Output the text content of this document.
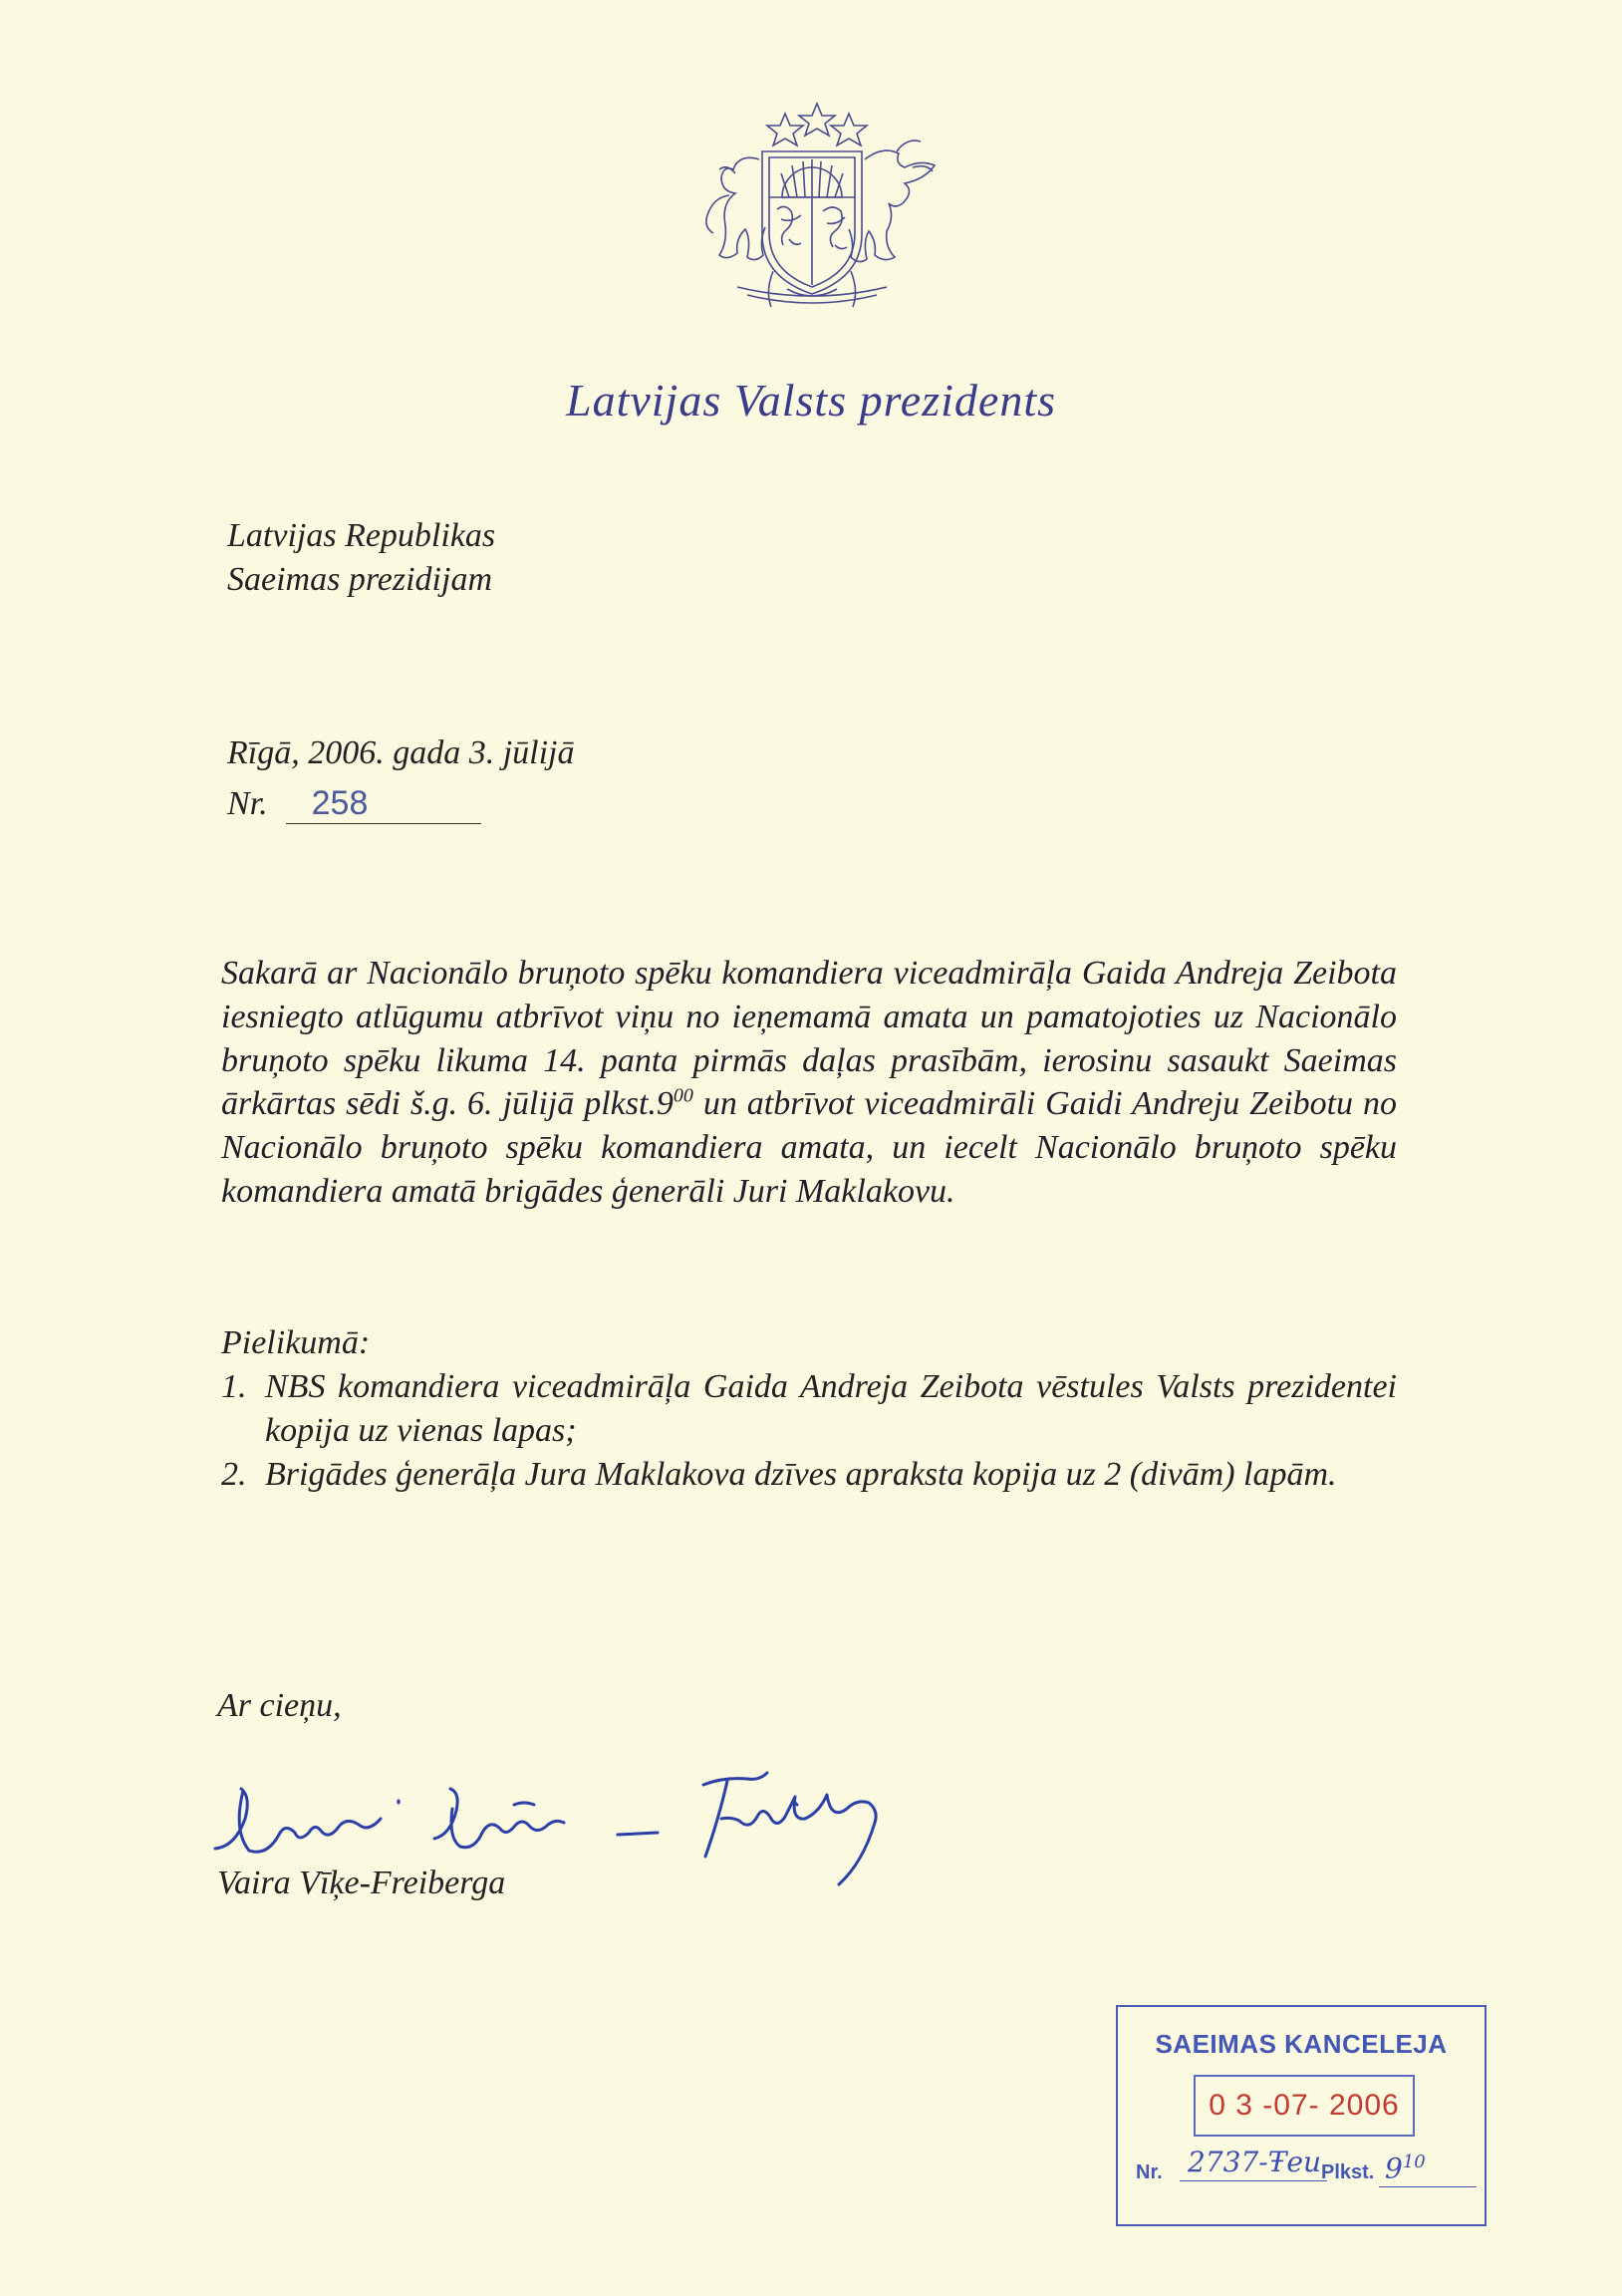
Latvijas Valsts prezidents
Latvijas Republikas
Saeimas prezidijam
Rīgā, 2006. gada 3. jūlijā
Nr. 258
Sakarā ar Nacionālo bruņoto spēku komandiera viceadmirāļa Gaida Andreja Zeibota iesniegto atlūgumu atbrīvot viņu no ieņemamā amata un pamatojoties uz Nacionālo bruņoto spēku likuma 14. panta pirmās daļas prasībām, ierosinu sasaukt Saeimas ārkārtas sēdi š.g. 6. jūlijā $plkst.9^{00}$ un atbrīvot viceadmirāli Gaidi Andreju Zeibotu no Nacionālo bruņoto spēku komandiera amata, un iecelt Nacionālo bruņoto spēku komandiera amatā brigādes ģenerāli Juri Maklakovu.
Pielikumā:
1. NBS komandiera viceadmirāļa Gaida Andreja Zeibota vēstules Valsts prezidentei kopija uz vienas lapas;
2. Brigādes ģenerāļa Jura Maklakova dzīves apraksta kopija uz 2 (divām) lapām.
Ar cieņu,
Vaira Vīķe-Freiberga
SAEIMAS KANCELEJA
0 3 -07- 2006
Nr. 2737-Ŧeu Plkst. $9^{10}$
